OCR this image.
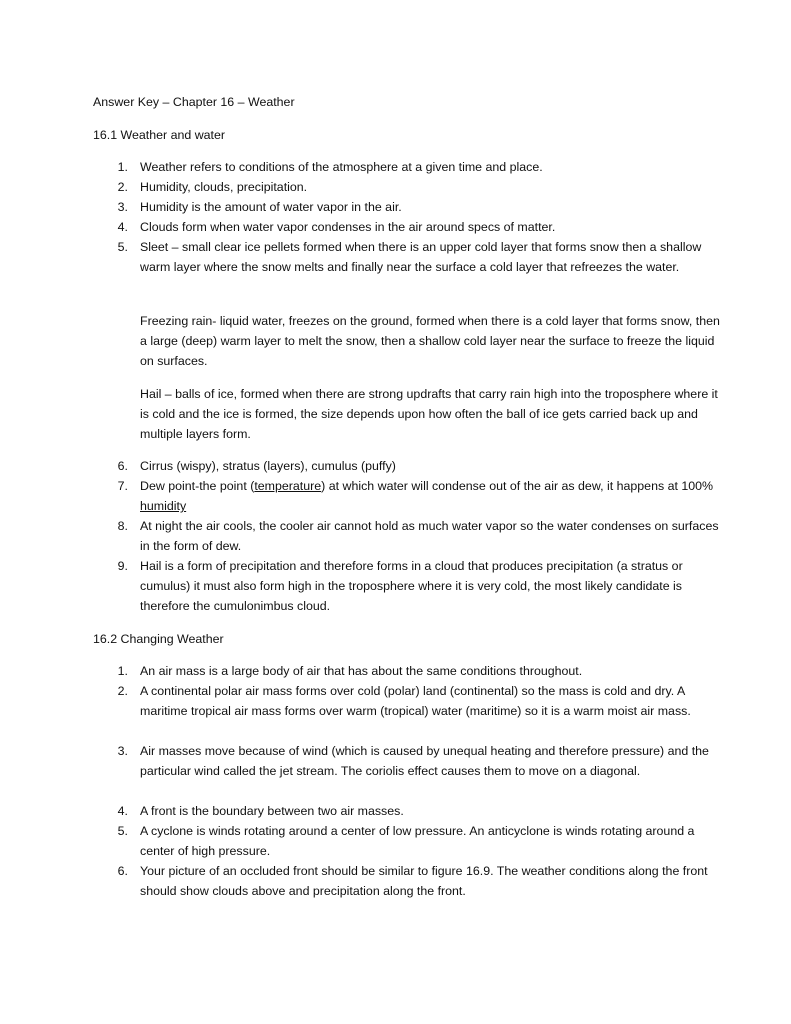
Answer Key – Chapter 16 – Weather
16.1 Weather and water
1. Weather refers to conditions of the atmosphere at a given time and place.
2. Humidity, clouds, precipitation.
3. Humidity is the amount of water vapor in the air.
4. Clouds form when water vapor condenses in the air around specs of matter.
5. Sleet – small clear ice pellets formed when there is an upper cold layer that forms snow then a shallow warm layer where the snow melts and finally near the surface a cold layer that refreezes the water.
Freezing rain- liquid water, freezes on the ground, formed when there is a cold layer that forms snow, then a large (deep) warm layer to melt the snow, then a shallow cold layer near the surface to freeze the liquid on surfaces.
Hail – balls of ice, formed when there are strong updrafts that carry rain high into the troposphere where it is cold and the ice is formed, the size depends upon how often the ball of ice gets carried back up and multiple layers form.
6. Cirrus (wispy), stratus (layers), cumulus (puffy)
7. Dew point-the point (temperature) at which water will condense out of the air as dew, it happens at 100% humidity
8. At night the air cools, the cooler air cannot hold as much water vapor so the water condenses on surfaces in the form of dew.
9. Hail is a form of precipitation and therefore forms in a cloud that produces precipitation (a stratus or cumulus) it must also form high in the troposphere where it is very cold, the most likely candidate is therefore the cumulonimbus cloud.
16.2 Changing Weather
1. An air mass is a large body of air that has about the same conditions throughout.
2. A continental polar air mass forms over cold (polar) land (continental) so the mass is cold and dry. A maritime tropical air mass forms over warm (tropical) water (maritime) so it is a warm moist air mass.
3. Air masses move because of wind (which is caused by unequal heating and therefore pressure) and the particular wind called the jet stream. The coriolis effect causes them to move on a diagonal.
4. A front is the boundary between two air masses.
5. A cyclone is winds rotating around a center of low pressure. An anticyclone is winds rotating around a center of high pressure.
6. Your picture of an occluded front should be similar to figure 16.9. The weather conditions along the front should show clouds above and precipitation along the front.
